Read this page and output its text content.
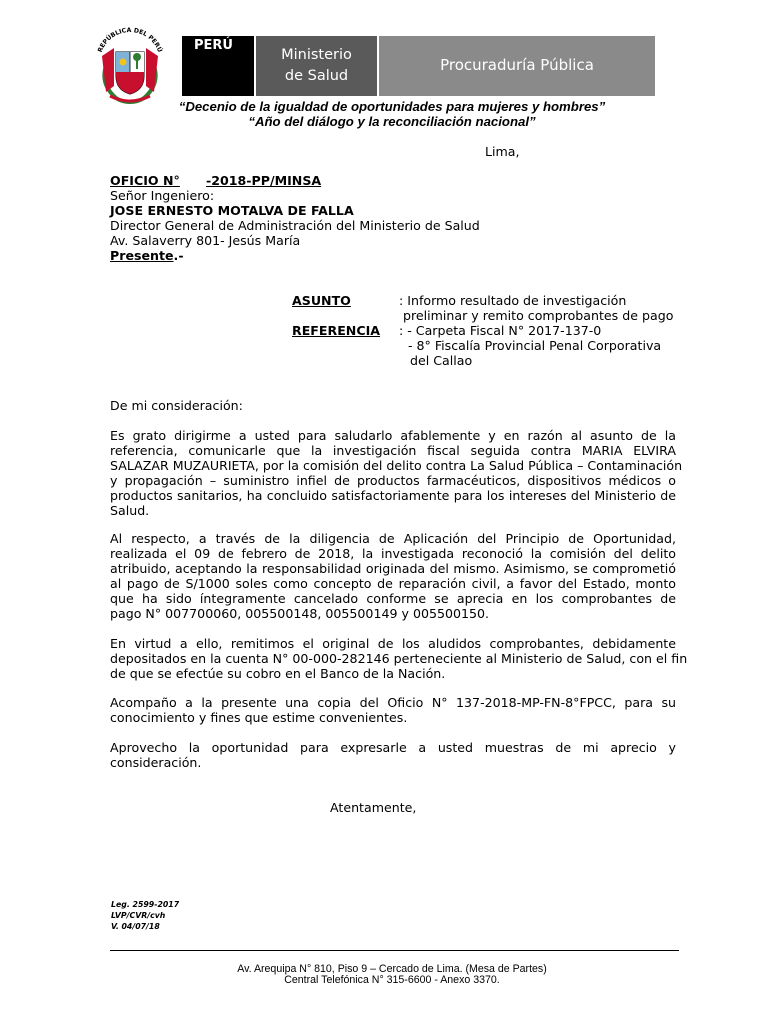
REPÚBLICA DEL PERÚ PERÚ
Ministerio
de Salud
Procuraduría Pública
“Decenio de la igualdad de oportunidades para mujeres y hombres”
“Año del diálogo y la reconciliación nacional”
Lima,
OFICIO N° -2018-PP/MINSA
Señor Ingeniero:
JOSE ERNESTO MOTALVA DE FALLA
Director General de Administración del Ministerio de Salud
Av. Salaverry 801- Jesús María
Presente.-
ASUNTO	: Informo resultado de investigación
preliminar y remito comprobantes de pago
REFERENCIA : - Carpeta Fiscal N° 2017-137-0
- 8° Fiscalía Provincial Penal Corporativa
del Callao
De mi consideración:
Es grato dirigirme a usted para saludarlo afablemente y en razón al asunto de la
referencia, comunicarle que la investigación fiscal seguida contra MARIA ELVIRA
SALAZAR MUZAURIETA, por la comisión del delito contra La Salud Pública – Contaminación
y propagación – suministro infiel de productos farmacéuticos, dispositivos médicos o
productos sanitarios, ha concluido satisfactoriamente para los intereses del Ministerio de
Salud.
Al respecto, a través de la diligencia de Aplicación del Principio de Oportunidad,
realizada el 09 de febrero de 2018, la investigada reconoció la comisión del delito
atribuido, aceptando la responsabilidad originada del mismo. Asimismo, se comprometió
al pago de S/1000 soles como concepto de reparación civil, a favor del Estado, monto
que ha sido íntegramente cancelado conforme se aprecia en los comprobantes de
pago N° 007700060, 005500148, 005500149 y 005500150.
En virtud a ello, remitimos el original de los aludidos comprobantes, debidamente
depositados en la cuenta N° 00-000-282146 perteneciente al Ministerio de Salud, con el fin
de que se efectúe su cobro en el Banco de la Nación.
Acompaño a la presente una copia del Oficio N° 137-2018-MP-FN-8°FPCC, para su
conocimiento y fines que estime convenientes.
Aprovecho la oportunidad para expresarle a usted muestras de mi aprecio y
consideración.
Atentamente,
Leg. 2599-2017
LVP/CVR/cvh
V. 04/07/18
Av. Arequipa N° 810, Piso 9 – Cercado de Lima. (Mesa de Partes)
Central Telefónica N° 315-6600 - Anexo 3370.
